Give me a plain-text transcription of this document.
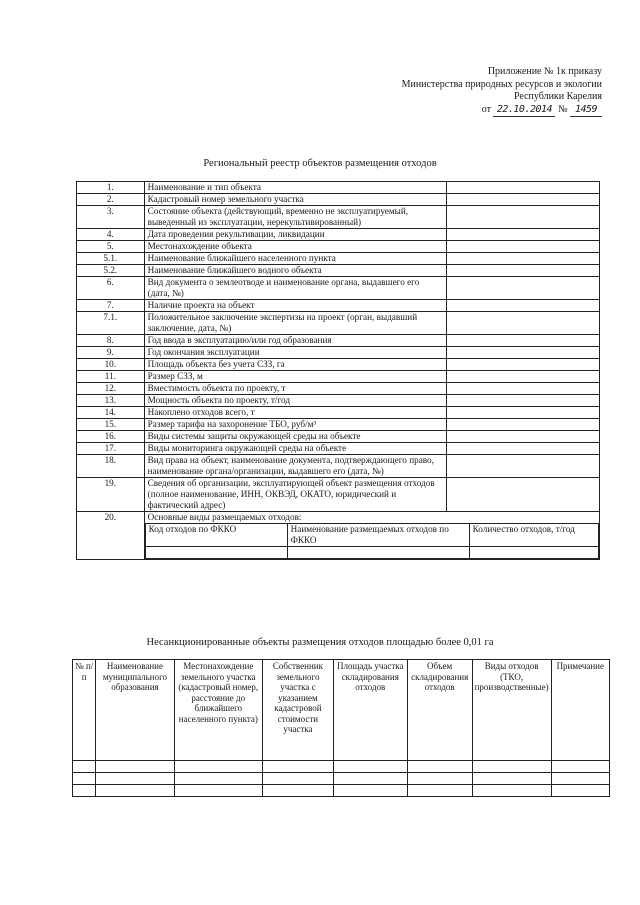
Приложение № 1к приказу
Министерства природных ресурсов и экологии
Республики Карелия
от 22.10.2014 № 1459
Региональный реестр объектов размещения отходов
1.	Наименование и тип объекта	
2.	Кадастровый номер земельного участка	
3.	Состояние объекта (действующий, временно не эксплуатируемый, выведенный из эксплуатации, нерекультивированный)	
4.	Дата проведения рекультивации, ликвидации	
5.	Местонахождение объекта	
5.1.	Наименование ближайшего населенного пункта	
5.2.	Наименование ближайшего водного объекта	
6.	Вид документа о землеотводе и наименование органа, выдавшего его (дата, №)	
7.	Наличие проекта на объект	
7.1.	Положительное заключение экспертизы на проект (орган, выдавший заключение, дата, №)	
8.	Год ввода в эксплуатацию/или год образования	
9.	Год окончания эксплуатации	
10.	Площадь объекта без учета СЗЗ, га	
11.	Размер СЗЗ, м	
12.	Вместимость объекта по проекту, т	
13.	Мощность объекта по проекту, т/год	
14.	Накоплено отходов всего, т	
15.	Размер тарифа на захоронение ТБО, руб/м³	
16.	Виды системы защиты окружающей среды на объекте	
17.	Виды мониторинга окружающей среды на объекте	
18.	Вид права на объект, наименование документа, подтверждающего право, наименование органа/организации, выдавшего его (дата, №)	
19.	Сведения об организации, эксплуатирующей объект размещения отходов (полное наименование, ИНН, ОКВЭД, ОКАТО, юридический и фактический адрес)	
20.	Основные виды размещаемых отходов:
Код отходов по ФККО	Наименование размещаемых отходов по ФККО	Количество отходов, т/год

Несанкционированные объекты размещения отходов площадью более 0,01 га
№ п/п	Наименование муниципального образования	Местонахождение земельного участка (кадастровый номер, расстояние до ближайшего населенного пункта)	Собственник земельного участка с указанием кадастровой стоимости участка	Площадь участка складирования отходов	Объем складирования отходов	Виды отходов (ТКО, производственные)	Примечание
